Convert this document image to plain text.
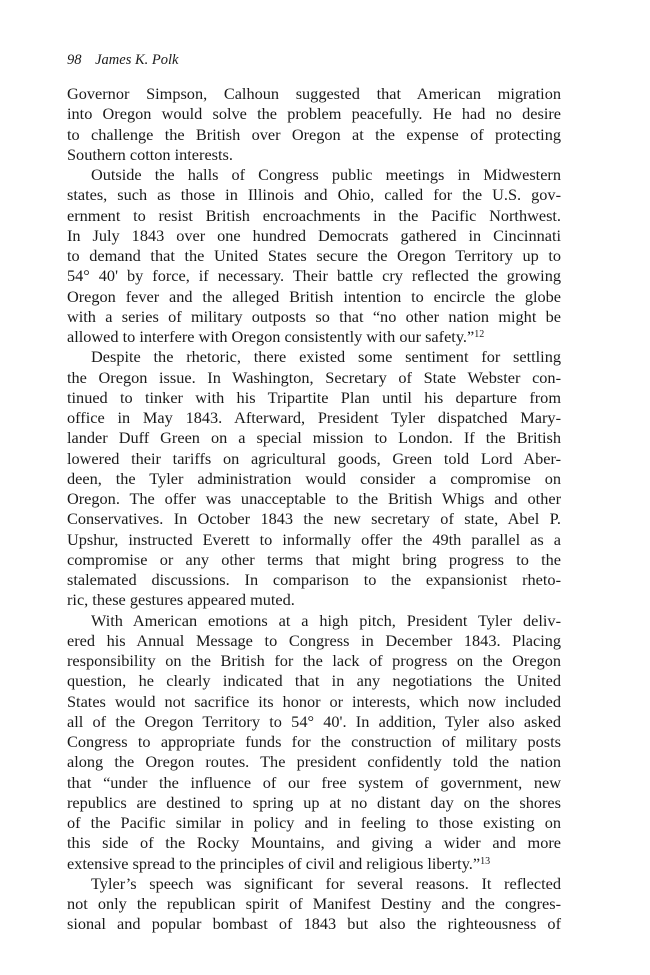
98 James K. Polk
Governor Simpson, Calhoun suggested that American migration
into Oregon would solve the problem peacefully. He had no desire
to challenge the British over Oregon at the expense of protecting
Southern cotton interests.
Outside the halls of Congress public meetings in Midwestern
states, such as those in Illinois and Ohio, called for the U.S. gov-
ernment to resist British encroachments in the Pacific Northwest.
In July 1843 over one hundred Democrats gathered in Cincinnati
to demand that the United States secure the Oregon Territory up to
54° 40' by force, if necessary. Their battle cry reflected the growing
Oregon fever and the alleged British intention to encircle the globe
with a series of military outposts so that “no other nation might be
allowed to interfere with Oregon consistently with our safety.”$^{12}$
Despite the rhetoric, there existed some sentiment for settling
the Oregon issue. In Washington, Secretary of State Webster con-
tinued to tinker with his Tripartite Plan until his departure from
office in May 1843. Afterward, President Tyler dispatched Mary-
lander Duff Green on a special mission to London. If the British
lowered their tariffs on agricultural goods, Green told Lord Aber-
deen, the Tyler administration would consider a compromise on
Oregon. The offer was unacceptable to the British Whigs and other
Conservatives. In October 1843 the new secretary of state, Abel P.
Upshur, instructed Everett to informally offer the 49th parallel as a
compromise or any other terms that might bring progress to the
stalemated discussions. In comparison to the expansionist rheto-
ric, these gestures appeared muted.
With American emotions at a high pitch, President Tyler deliv-
ered his Annual Message to Congress in December 1843. Placing
responsibility on the British for the lack of progress on the Oregon
question, he clearly indicated that in any negotiations the United
States would not sacrifice its honor or interests, which now included
all of the Oregon Territory to 54° 40'. In addition, Tyler also asked
Congress to appropriate funds for the construction of military posts
along the Oregon routes. The president confidently told the nation
that “under the influence of our free system of government, new
republics are destined to spring up at no distant day on the shores
of the Pacific similar in policy and in feeling to those existing on
this side of the Rocky Mountains, and giving a wider and more
extensive spread to the principles of civil and religious liberty.”$^{13}$
Tyler’s speech was significant for several reasons. It reflected
not only the republican spirit of Manifest Destiny and the congres-
sional and popular bombast of 1843 but also the righteousness of
